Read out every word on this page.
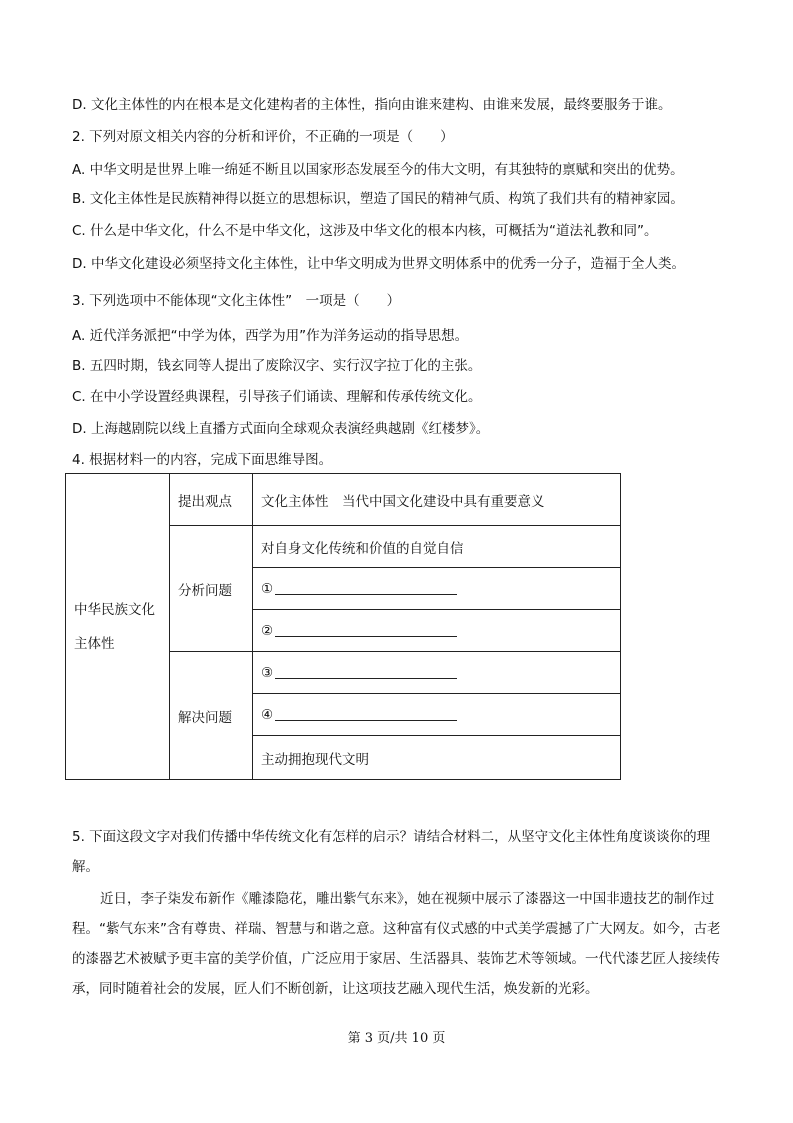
D. 文化主体性的内在根本是文化建构者的主体性，指向由谁来建构、由谁来发展，最终要服务于谁。
2. 下列对原文相关内容的分析和评价，不正确的一项是（　　）
A. 中华文明是世界上唯一绵延不断且以国家形态发展至今的伟大文明，有其独特的禀赋和突出的优势。
B. 文化主体性是民族精神得以挺立的思想标识，塑造了国民的精神气质、构筑了我们共有的精神家园。
C. 什么是中华文化，什么不是中华文化，这涉及中华文化的根本内核，可概括为“道法礼教和同”。
D. 中华文化建设必须坚持文化主体性，让中华文明成为世界文明体系中的优秀一分子，造福于全人类。
3. 下列选项中不能体现“文化主体性”　一项是（　　）
A. 近代洋务派把“中学为体，西学为用”作为洋务运动的指导思想。
B. 五四时期，钱玄同等人提出了废除汉字、实行汉字拉丁化的主张。
C. 在中小学设置经典课程，引导孩子们诵读、理解和传承传统文化。
D. 上海越剧院以线上直播方式面向全球观众表演经典越剧《红楼梦》。
4. 根据材料一的内容，完成下面思维导图。
中华民族文化主体性	提出观点	文化主体性　当代中国文化建设中具有重要意义
	分析问题	对自身文化传统和价值的自觉自信
		①
		②
	解决问题	③
		④
		主动拥抱现代文明
5. 下面这段文字对我们传播中华传统文化有怎样的启示？请结合材料二，从坚守文化主体性角度谈谈你的理解。
近日，李子柒发布新作《雕漆隐花，雕出紫气东来》，她在视频中展示了漆器这一中国非遗技艺的制作过程。“紫气东来”含有尊贵、祥瑞、智慧与和谐之意。这种富有仪式感的中式美学震撼了广大网友。如今，古老的漆器艺术被赋予更丰富的美学价值，广泛应用于家居、生活器具、装饰艺术等领域。一代代漆艺匠人接续传承，同时随着社会的发展，匠人们不断创新，让这项技艺融入现代生活，焕发新的光彩。
第 3 页/共 10 页
